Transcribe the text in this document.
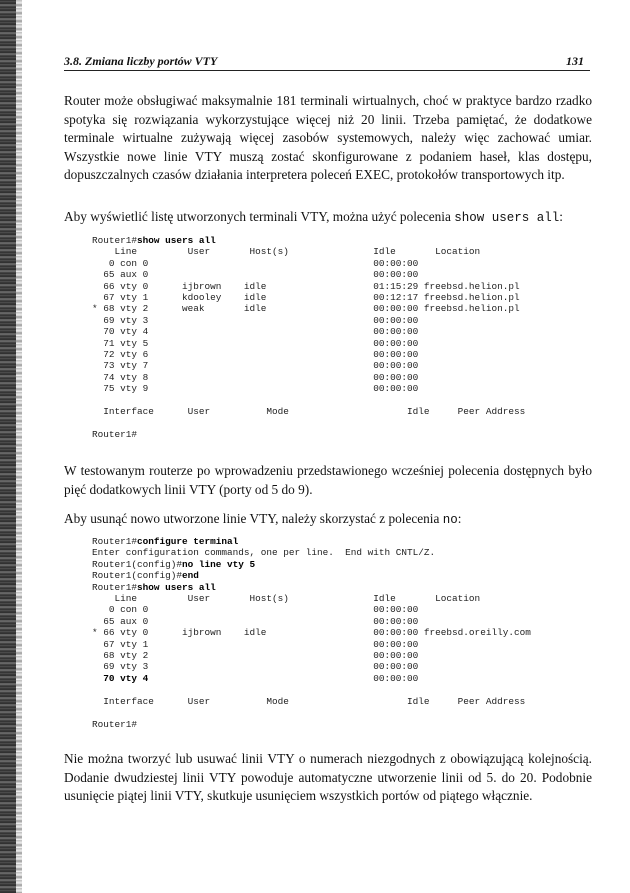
3.8. Zmiana liczby portów VTY	131

Router może obsługiwać maksymalnie 181 terminali wirtualnych, choć w praktyce bardzo rzadko spotyka się rozwiązania wykorzystujące więcej niż 20 linii. Trzeba pamiętać, że dodatkowe terminale wirtualne zużywają więcej zasobów systemowych, należy więc zachować umiar. Wszystkie nowe linie VTY muszą zostać skonfigurowane z podaniem haseł, klas dostępu, dopuszczalnych czasów działania interpretera poleceń EXEC, protokołów transportowych itp.

Aby wyświetlić listę utworzonych terminali VTY, można użyć polecenia show users all:

Router1#show users all
Line         User       Host(s)               Idle       Location
0 con 0                                        00:00:00
65 aux 0                                        00:00:00
66 vty 0      ijbrown    idle                   01:15:29 freebsd.helion.pl
67 vty 1      kdooley    idle                   00:12:17 freebsd.helion.pl
* 68 vty 2      weak       idle                   00:00:00 freebsd.helion.pl
69 vty 3                                        00:00:00
70 vty 4                                        00:00:00
71 vty 5                                        00:00:00
72 vty 6                                        00:00:00
73 vty 7                                        00:00:00
74 vty 8                                        00:00:00
75 vty 9                                        00:00:00

Interface      User          Mode                     Idle     Peer Address

Router1#

W testowanym routerze po wprowadzeniu przedstawionego wcześniej polecenia dostępnych było pięć dodatkowych linii VTY (porty od 5 do 9).

Aby usunąć nowo utworzone linie VTY, należy skorzystać z polecenia no:

Router1#configure terminal
Enter configuration commands, one per line.  End with CNTL/Z.
Router1(config)#no line vty 5
Router1(config)#end
Router1#show users all
Line         User       Host(s)               Idle       Location
0 con 0                                        00:00:00
65 aux 0                                        00:00:00
* 66 vty 0      ijbrown    idle                   00:00:00 freebsd.oreilly.com
67 vty 1                                        00:00:00
68 vty 2                                        00:00:00
69 vty 3                                        00:00:00
70 vty 4                                        00:00:00

Interface      User          Mode                     Idle     Peer Address

Router1#

Nie można tworzyć lub usuwać linii VTY o numerach niezgodnych z obowiązującą kolejnością. Dodanie dwudziestej linii VTY powoduje automatyczne utworzenie linii od 5. do 20. Podobnie usunięcie piątej linii VTY, skutkuje usunięciem wszystkich portów od piątego włącznie.
